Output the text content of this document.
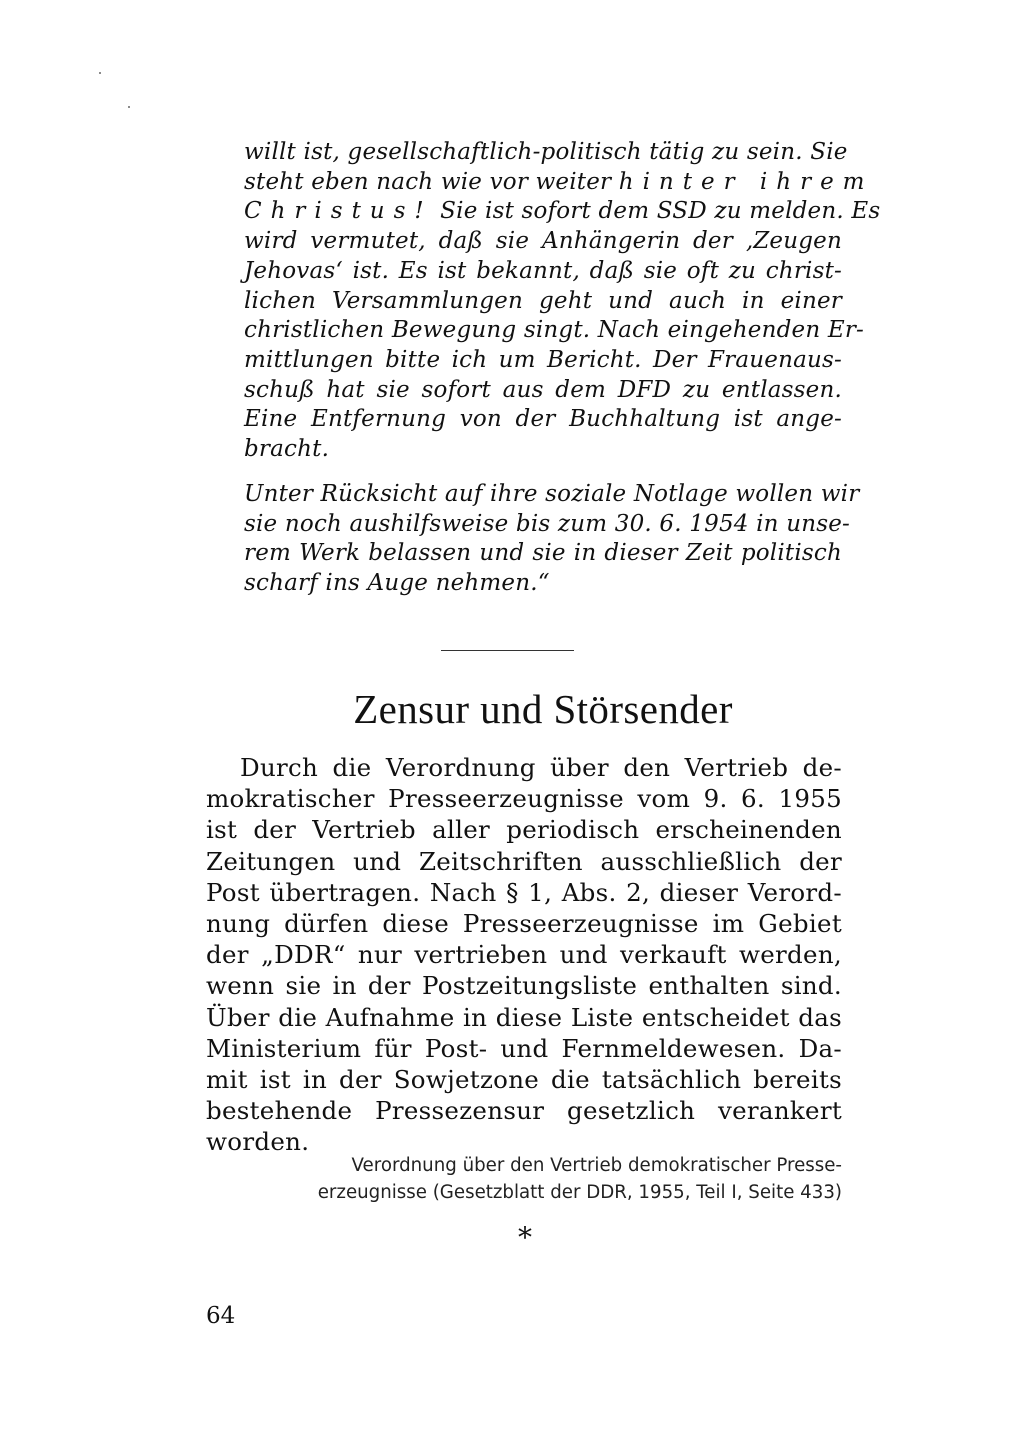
willt ist, gesellschaftlich-politisch tätig zu sein. Sie
steht eben nach wie vor weiter hinter ihrem
Christus! Sie ist sofort dem SSD zu melden. Es
wird vermutet, daß sie Anhängerin der ‚Zeugen
Jehovas‘ ist. Es ist bekannt, daß sie oft zu christ-
lichen Versammlungen geht und auch in einer
christlichen Bewegung singt. Nach eingehenden Er-
mittlungen bitte ich um Bericht. Der Frauenaus-
schuß hat sie sofort aus dem DFD zu entlassen.
Eine Entfernung von der Buchhaltung ist ange-
bracht.
Unter Rücksicht auf ihre soziale Notlage wollen wir
sie noch aushilfsweise bis zum 30. 6. 1954 in unse-
rem Werk belassen und sie in dieser Zeit politisch
scharf ins Auge nehmen.“
Zensur und Störsender
Durch die Verordnung über den Vertrieb de-
mokratischer Presseerzeugnisse vom 9. 6. 1955
ist der Vertrieb aller periodisch erscheinenden
Zeitungen und Zeitschriften ausschließlich der
Post übertragen. Nach § 1, Abs. 2, dieser Verord-
nung dürfen diese Presseerzeugnisse im Gebiet
der „DDR“ nur vertrieben und verkauft werden,
wenn sie in der Postzeitungsliste enthalten sind.
Über die Aufnahme in diese Liste entscheidet das
Ministerium für Post- und Fernmeldewesen. Da-
mit ist in der Sowjetzone die tatsächlich bereits
bestehende Pressezensur gesetzlich verankert
worden.
Verordnung über den Vertrieb demokratischer Presse-
erzeugnisse (Gesetzblatt der DDR, 1955, Teil I, Seite 433)
*
64
